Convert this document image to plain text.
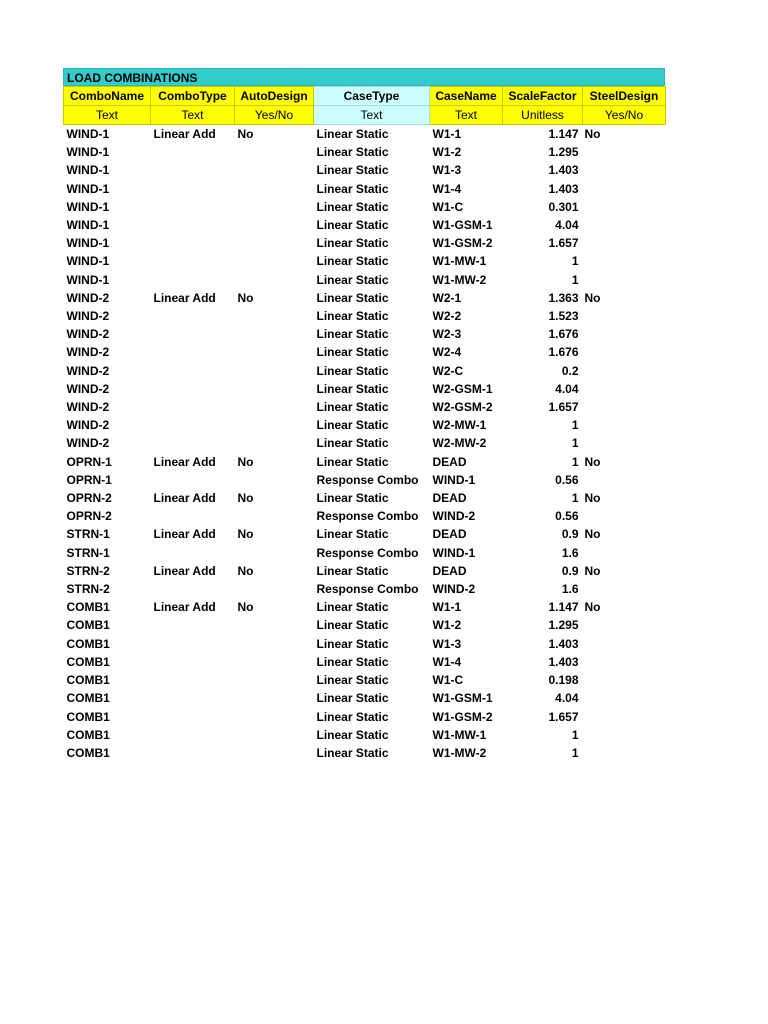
LOAD COMBINATIONS
ComboName	ComboType	AutoDesign	CaseType	CaseName	ScaleFactor	SteelDesign
Text	Text	Yes/No	Text	Text	Unitless	Yes/No
WIND-1	Linear Add	No	Linear Static	W1-1	1.147	No
WIND-1			Linear Static	W1-2	1.295	
WIND-1			Linear Static	W1-3	1.403	
WIND-1			Linear Static	W1-4	1.403	
WIND-1			Linear Static	W1-C	0.301	
WIND-1			Linear Static	W1-GSM-1	4.04	
WIND-1			Linear Static	W1-GSM-2	1.657	
WIND-1			Linear Static	W1-MW-1	1	
WIND-1			Linear Static	W1-MW-2	1	
WIND-2	Linear Add	No	Linear Static	W2-1	1.363	No
WIND-2			Linear Static	W2-2	1.523	
WIND-2			Linear Static	W2-3	1.676	
WIND-2			Linear Static	W2-4	1.676	
WIND-2			Linear Static	W2-C	0.2	
WIND-2			Linear Static	W2-GSM-1	4.04	
WIND-2			Linear Static	W2-GSM-2	1.657	
WIND-2			Linear Static	W2-MW-1	1	
WIND-2			Linear Static	W2-MW-2	1	
OPRN-1	Linear Add	No	Linear Static	DEAD	1	No
OPRN-1			Response Combo	WIND-1	0.56	
OPRN-2	Linear Add	No	Linear Static	DEAD	1	No
OPRN-2			Response Combo	WIND-2	0.56	
STRN-1	Linear Add	No	Linear Static	DEAD	0.9	No
STRN-1			Response Combo	WIND-1	1.6	
STRN-2	Linear Add	No	Linear Static	DEAD	0.9	No
STRN-2			Response Combo	WIND-2	1.6	
COMB1	Linear Add	No	Linear Static	W1-1	1.147	No
COMB1			Linear Static	W1-2	1.295	
COMB1			Linear Static	W1-3	1.403	
COMB1			Linear Static	W1-4	1.403	
COMB1			Linear Static	W1-C	0.198	
COMB1			Linear Static	W1-GSM-1	4.04	
COMB1			Linear Static	W1-GSM-2	1.657	
COMB1			Linear Static	W1-MW-1	1	
COMB1			Linear Static	W1-MW-2	1	
